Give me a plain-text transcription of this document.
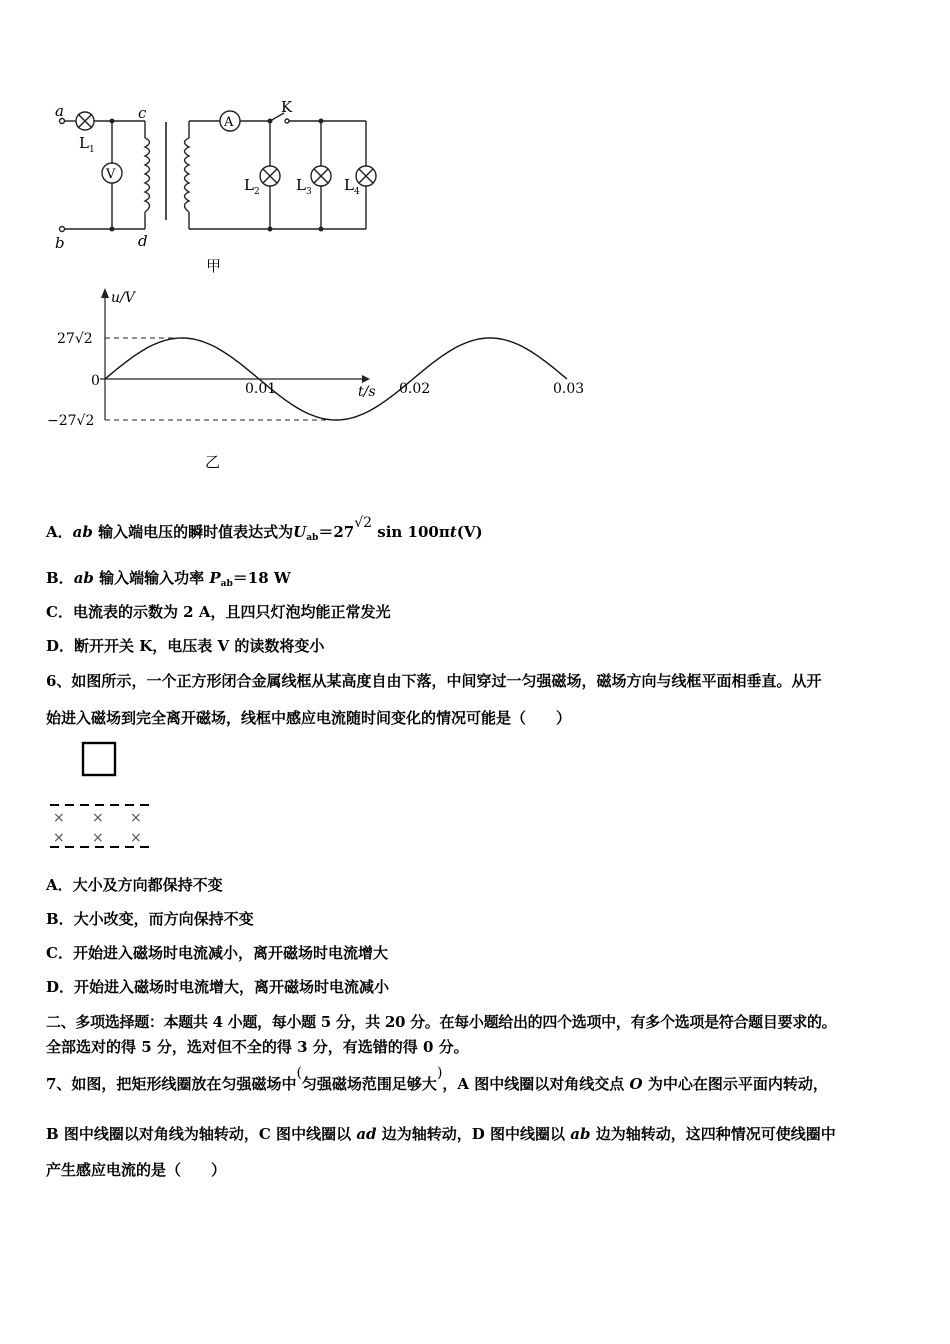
a
b
c
d
$L_1$
V
A
K
$L_2$ $L_3$ $L_4$
甲
0.01	0.02	0.03
27√2
−27√2
u/V
t/s
0
乙
A．ab 输入端电压的瞬时值表达式为$U_{ab}=27√2$ sin 100πt(V)
B．ab 输入端输入功率 $P_{ab}=18$ W
C．电流表的示数为 2 A，且四只灯泡均能正常发光
D．断开开关 K，电压表 V 的读数将变小
6、如图所示，一个正方形闭合金属线框从某高度自由下落，中间穿过一匀强磁场，磁场方向与线框平面相垂直。从开
始进入磁场到完全离开磁场，线框中感应电流随时间变化的情况可能是（　　）
× × ×
× × ×
A．大小及方向都保持不变
B．大小改变，而方向保持不变
C．开始进入磁场时电流减小，离开磁场时电流增大
D．开始进入磁场时电流增大，离开磁场时电流减小
二、多项选择题：本题共 4 小题，每小题 5 分，共 20 分。在每小题给出的四个选项中，有多个选项是符合题目要求的。
全部选对的得 5 分，选对但不全的得 3 分，有选错的得 0 分。
7、如图，把矩形线圈放在匀强磁场中(匀强磁场范围足够大)，A 图中线圈以对角线交点 O 为中心在图示平面内转动，
B 图中线圈以对角线为轴转动，C 图中线圈以 ad 边为轴转动，D 图中线圈以 ab 边为轴转动，这四种情况可使线圈中
产生感应电流的是（　　）
